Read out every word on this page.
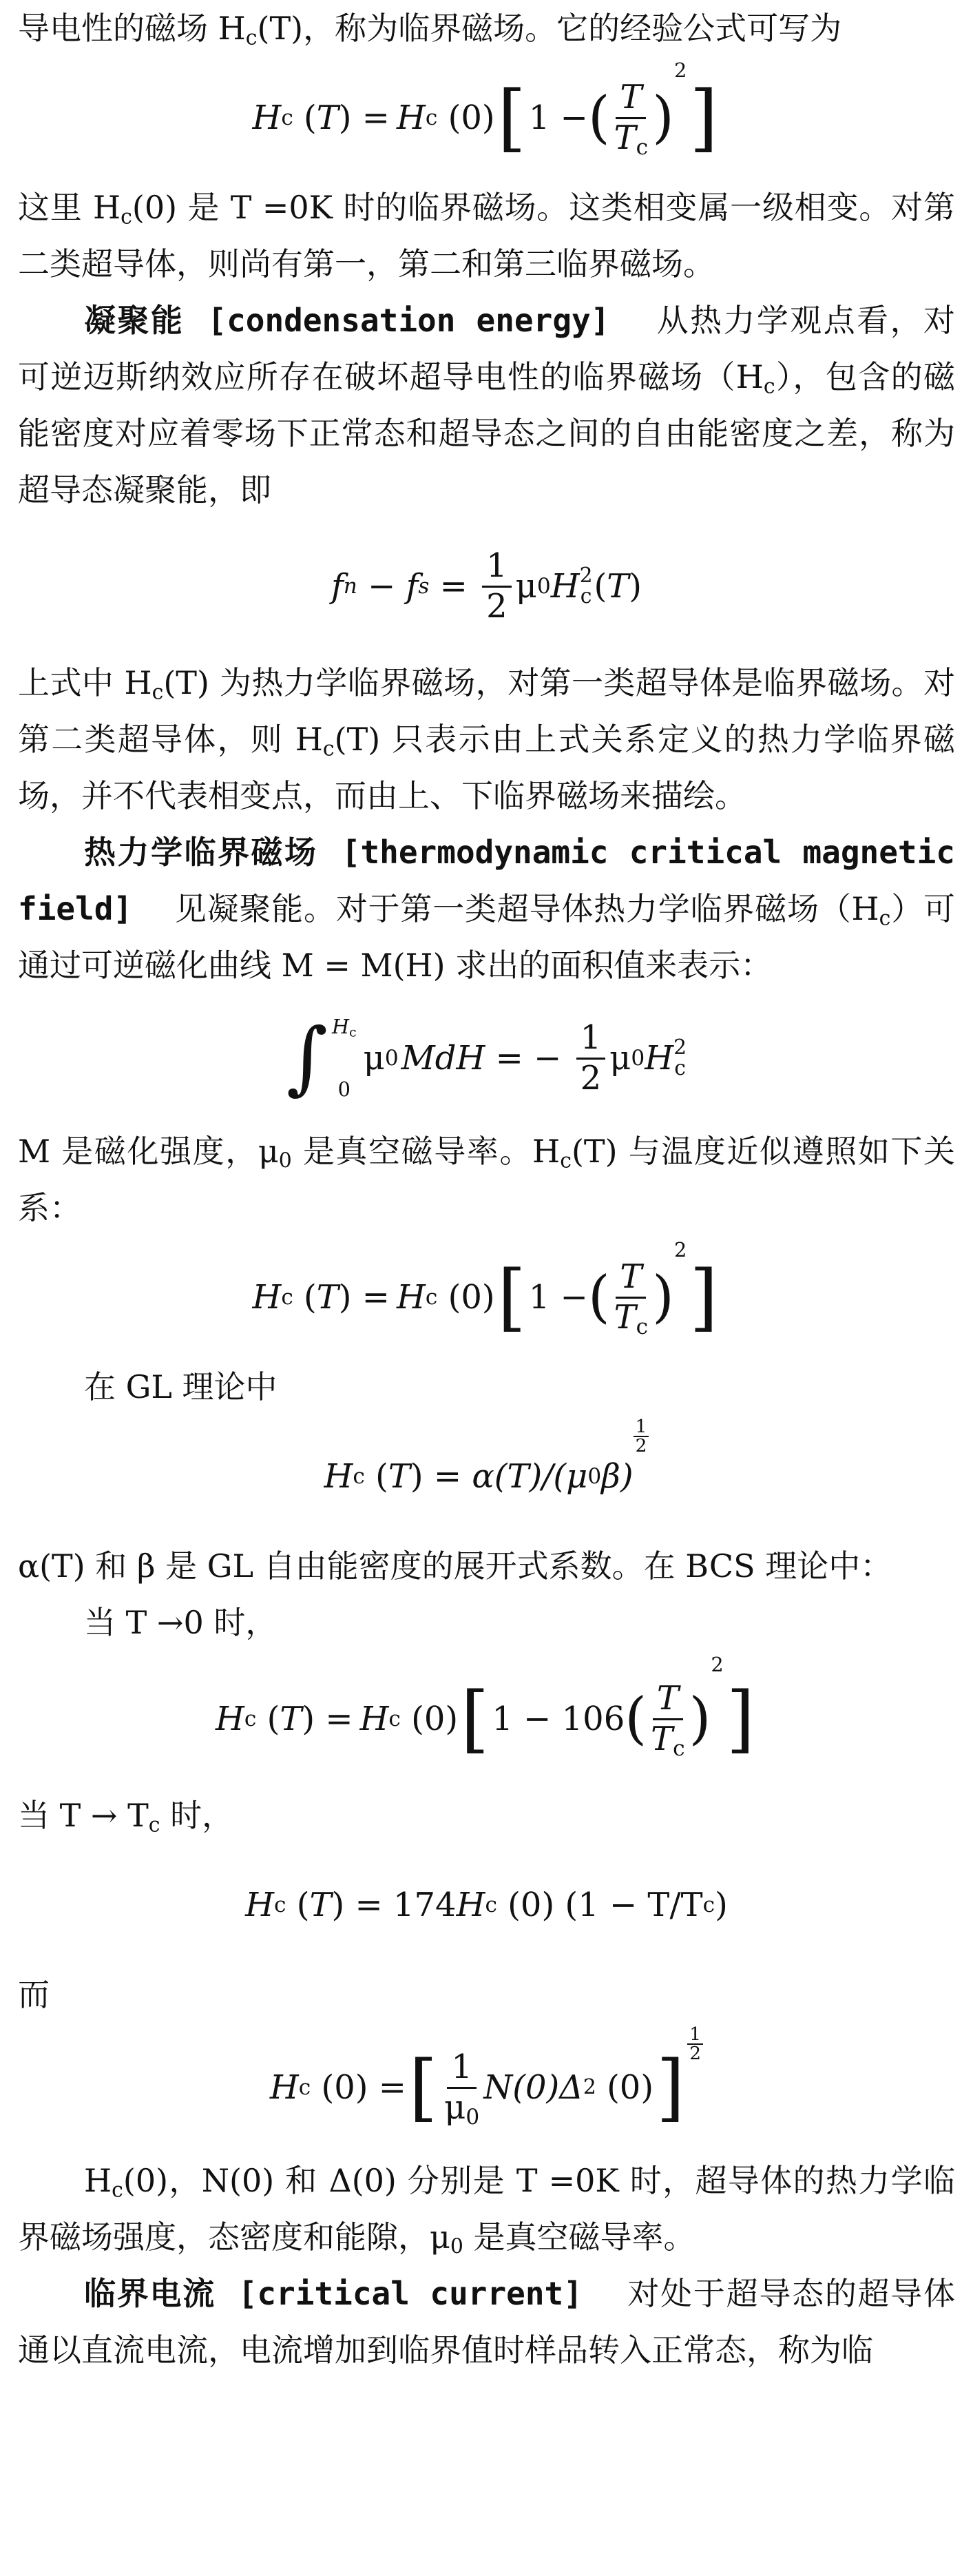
导电性的磁场 $H_c(T)$，称为临界磁场。它的经验公式可写为

H c ( T ) = H c ( 0 ) [ 1 − ( $\frac{T}{T_c}$ )
2
]

这里 $H_c(0)$ 是 T =0K 时的临界磁场。这类相变属一级相变。对第二类超导体，则尚有第一，第二和第三临界磁场。

凝聚能 [condensation energy] 从热力学观点看，对可逆迈斯纳效应所存在破坏超导电性的临界磁场$(H_c)$，包含的磁能密度对应着零场下正常态和超导态之间的自由能密度之差，称为超导态凝聚能，即

f n − f $s = \frac{1}{2}$ μ 0 H 2
c ( T )

上式中 $H_c(T)$ 为热力学临界磁场，对第一类超导体是临界磁场。对第二类超导体，则 $H_c(T)$ 只表示由上式关系定义的热力学临界磁场，并不代表相变点，而由上、下临界磁场来描绘。

热力学临界磁场 [thermodynamic critical magnetic field] 见凝聚能。对于第一类超导体热力学临界磁场$(H_c)$可通过可逆磁化曲线 M = M(H) 求出的面积值来表示：

∫ $H_c$
0
μ 0 MdH = −
$\frac{1}{2}$ μ 0 H 2
c

M 是磁化强度，$\mu_0$ 是真空磁导率。$H_c(T)$ 与温度近似遵照如下关系：

H c ( T ) = H c ( 0 ) [ 1 − ( $\frac{T}{T_c}$ )
2
]

在 GL 理论中

H c ( T ) = α(T)/(μ 0 β)
$\frac{1}{2}$

α(T) 和 β 是 GL 自由能密度的展开式系数。在 BCS 理论中：

当 T →0 时，

H c ( T ) = H c ( 0 ) [ 1 − 106 ( $\frac{T}{T_c}$ )
2
]

当 $T \to T_c$ 时，

H c ( T ) = 174 H c ( 0 ) (1 − T/T c )

而

H c ( 0 ) = [ $\frac{1}{\mu_0} N(0)\Delta$ 2
(0) ]
$\frac{1}{2}$

$H_c(0)$，N(0) 和 Δ(0) 分别是 T =0K 时，超导体的热力学临界磁场强度，态密度和能隙，$\mu_0$ 是真空磁导率。

临界电流 [critical current] 对处于超导态的超导体通以直流电流，电流增加到临界值时样品转入正常态，称为临
